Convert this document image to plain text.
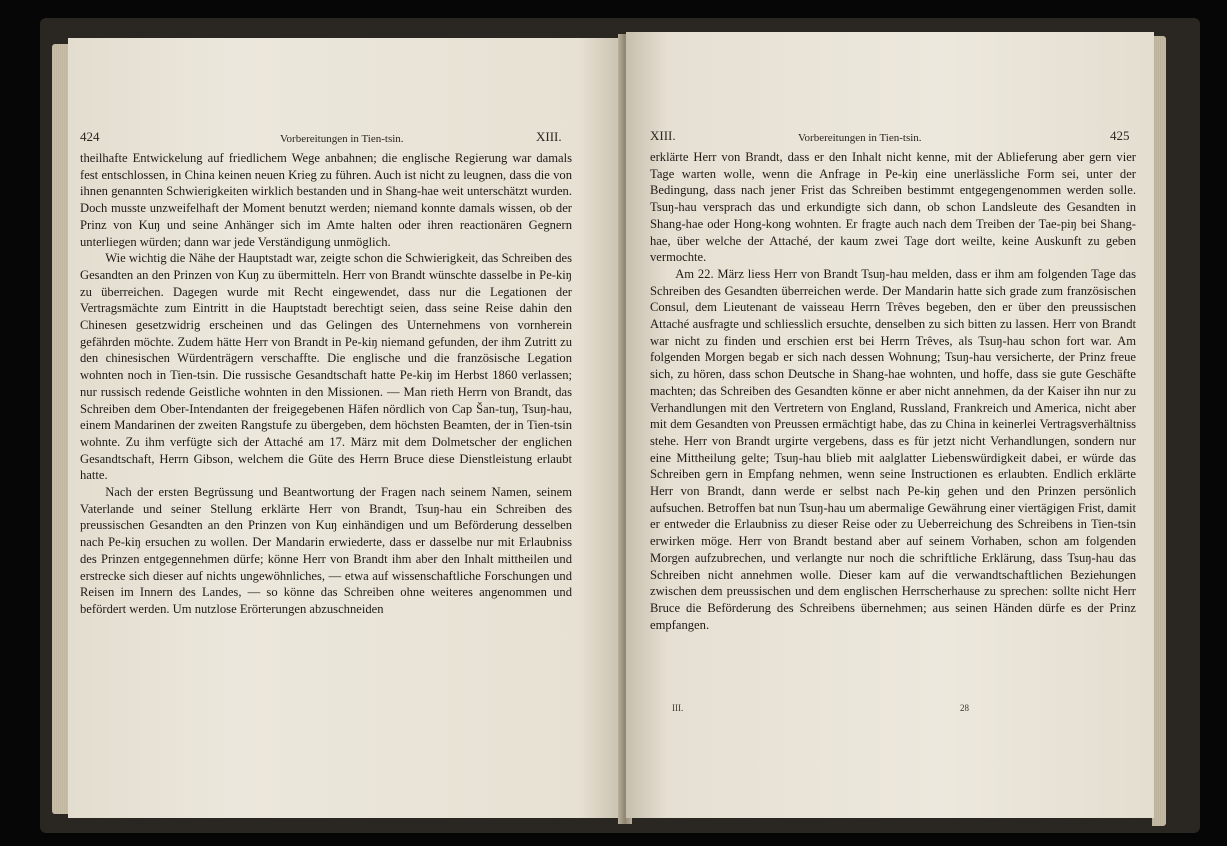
424	Vorbereitungen in Tien-tsin.	XIII.

theilhafte Entwickelung auf friedlichem Wege anbahnen; die englische Regierung war damals fest entschlossen, in China keinen neuen Krieg zu führen. Auch ist nicht zu leugnen, dass die von ihnen genannten Schwierigkeiten wirklich bestanden und in Shang-hae weit unterschätzt wurden. Doch musste unzweifelhaft der Moment benutzt werden; niemand konnte damals wissen, ob der Prinz von Kuŋ und seine Anhänger sich im Amte halten oder ihren reactionären Gegnern unterliegen würden; dann war jede Verständigung unmöglich.

Wie wichtig die Nähe der Hauptstadt war, zeigte schon die Schwierigkeit, das Schreiben des Gesandten an den Prinzen von Kuŋ zu übermitteln. Herr von Brandt wünschte dasselbe in Pe-kiŋ zu überreichen. Dagegen wurde mit Recht eingewendet, dass nur die Legationen der Vertragsmächte zum Eintritt in die Hauptstadt berechtigt seien, dass seine Reise dahin den Chinesen gesetzwidrig erscheinen und das Gelingen des Unternehmens von vornherein gefährden möchte. Zudem hätte Herr von Brandt in Pe-kiŋ niemand gefunden, der ihm Zutritt zu den chinesischen Würdenträgern verschaffte. Die englische und die französische Legation wohnten noch in Tien-tsin. Die russische Gesandtschaft hatte Pe-kiŋ im Herbst 1860 verlassen; nur russisch redende Geistliche wohnten in den Missionen. — Man rieth Herrn von Brandt, das Schreiben dem Ober-Intendanten der freigegebenen Häfen nördlich von Cap Šan-tuŋ, Tsuŋ-hau, einem Mandarinen der zweiten Rangstufe zu übergeben, dem höchsten Beamten, der in Tien-tsin wohnte. Zu ihm verfügte sich der Attaché am 17. März mit dem Dolmetscher der englichen Gesandtschaft, Herrn Gibson, welchem die Güte des Herrn Bruce diese Dienstleistung erlaubt hatte.

Nach der ersten Begrüssung und Beantwortung der Fragen nach seinem Namen, seinem Vaterlande und seiner Stellung erklärte Herr von Brandt, Tsuŋ-hau ein Schreiben des preussischen Gesandten an den Prinzen von Kuŋ einhändigen und um Beförderung desselben nach Pe-kiŋ ersuchen zu wollen. Der Mandarin erwiederte, dass er dasselbe nur mit Erlaubniss des Prinzen entgegennehmen dürfe; könne Herr von Brandt ihm aber den Inhalt mittheilen und erstrecke sich dieser auf nichts ungewöhnliches, — etwa auf wissenschaftliche Forschungen und Reisen im Innern des Landes, — so könne das Schreiben ohne weiteres angenommen und befördert werden. Um nutzlose Erörterungen abzuschneiden

XIII.	Vorbereitungen in Tien-tsin.	425

erklärte Herr von Brandt, dass er den Inhalt nicht kenne, mit der Ablieferung aber gern vier Tage warten wolle, wenn die Anfrage in Pe-kiŋ eine unerlässliche Form sei, unter der Bedingung, dass nach jener Frist das Schreiben bestimmt entgegengenommen werden solle. Tsuŋ-hau versprach das und erkundigte sich dann, ob schon Landsleute des Gesandten in Shang-hae oder Hong-kong wohnten. Er fragte auch nach dem Treiben der Tae-piŋ bei Shang-hae, über welche der Attaché, der kaum zwei Tage dort weilte, keine Auskunft zu geben vermochte.

Am 22. März liess Herr von Brandt Tsuŋ-hau melden, dass er ihm am folgenden Tage das Schreiben des Gesandten überreichen werde. Der Mandarin hatte sich grade zum französischen Consul, dem Lieutenant de vaisseau Herrn Trêves begeben, den er über den preussischen Attaché ausfragte und schliesslich ersuchte, denselben zu sich bitten zu lassen. Herr von Brandt war nicht zu finden und erschien erst bei Herrn Trêves, als Tsuŋ-hau schon fort war. Am folgenden Morgen begab er sich nach dessen Wohnung; Tsuŋ-hau versicherte, der Prinz freue sich, zu hören, dass schon Deutsche in Shang-hae wohnten, und hoffe, dass sie gute Geschäfte machten; das Schreiben des Gesandten könne er aber nicht annehmen, da der Kaiser ihn nur zu Verhandlungen mit den Vertretern von England, Russland, Frankreich und America, nicht aber mit dem Gesandten von Preussen ermächtigt habe, das zu China in keinerlei Vertragsverhältniss stehe. Herr von Brandt urgirte vergebens, dass es für jetzt nicht Verhandlungen, sondern nur eine Mittheilung gelte; Tsuŋ-hau blieb mit aalglatter Liebenswürdigkeit dabei, er würde das Schreiben gern in Empfang nehmen, wenn seine Instructionen es erlaubten. Endlich erklärte Herr von Brandt, dann werde er selbst nach Pe-kiŋ gehen und den Prinzen persönlich aufsuchen. Betroffen bat nun Tsuŋ-hau um abermalige Gewährung einer viertägigen Frist, damit er entweder die Erlaubniss zu dieser Reise oder zu Ueberreichung des Schreibens in Tien-tsin erwirken möge. Herr von Brandt bestand aber auf seinem Vorhaben, schon am folgenden Morgen aufzubrechen, und verlangte nur noch die schriftliche Erklärung, dass Tsuŋ-hau das Schreiben nicht annehmen wolle. Dieser kam auf die verwandtschaftlichen Beziehungen zwischen dem preussischen und dem englischen Herrscherhause zu sprechen: sollte nicht Herr Bruce die Beförderung des Schreibens übernehmen; aus seinen Händen dürfe es der Prinz empfangen.

III.	28
